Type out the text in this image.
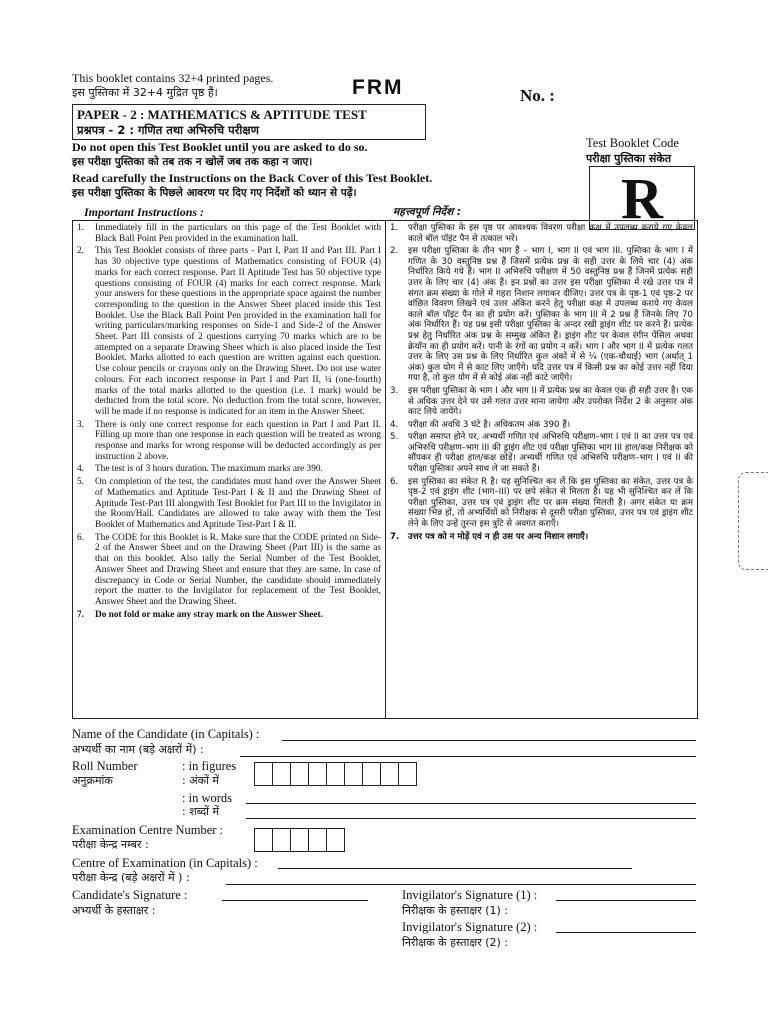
This booklet contains 32+4 printed pages.
इस पुस्तिका में 32+4 मुद्रित पृष्ठ हैं।	FRM	No. :
PAPER - 2 : MATHEMATICS & APTITUDE TEST
प्रश्नपत्र - 2 : गणित तथा अभिरुचि परीक्षण
Do not open this Test Booklet until you are asked to do so.
इस परीक्षा पुस्तिका को तब तक न खोलें जब तक कहा न जाए।
Read carefully the Instructions on the Back Cover of this Test Booklet.
इस परीक्षा पुस्तिका के पिछले आवरण पर दिए गए निर्देशों को ध्यान से पढ़ें।
Test Booklet Code
परीक्षा पुस्तिका संकेत
R
Important Instructions :	महत्त्वपूर्ण निर्देश :
1.	Immediately fill in the particulars on this page of the Test Booklet with Black Ball Point Pen provided in the examination hall.
2.	This Test Booklet consists of three parts - Part I, Part II and Part III. Part I has 30 objective type questions of Mathematics consisting of FOUR (4) marks for each correct response. Part II Aptitude Test has 50 objective type questions consisting of FOUR (4) marks for each correct response. Mark your answers for these questions in the appropriate space against the number corresponding to the question in the Answer Sheet placed inside this Test Booklet. Use the Black Ball Point Pen provided in the examination hall for writing particulars/marking responses on Side-1 and Side-2 of the Answer Sheet. Part III consists of 2 questions carrying 70 marks which are to be attempted on a separate Drawing Sheet which is also placed inside the Test Booklet. Marks allotted to each question are written against each question. Use colour pencils or crayons only on the Drawing Sheet. Do not use water colours. For each incorrect response in Part I and Part II, ¼ (one-fourth) marks of the total marks allotted to the question (i.e. 1 mark) would be deducted from the total score. No deduction from the total score, however, will be made if no response is indicated for an item in the Answer Sheet.
3.	There is only one correct response for each question in Part I and Part II. Filling up more than one response in each question will be treated as wrong response and marks for wrong response will be deducted accordingly as per instruction 2 above.
4.	The test is of 3 hours duration. The maximum marks are 390.
5.	On completion of the test, the candidates must hand over the Answer Sheet of Mathematics and Aptitude Test-Part I & II and the Drawing Sheet of Aptitude Test-Part III alongwith Test Booklet for Part III to the Invigilator in the Room/Hall. Candidates are allowed to take away with them the Test Booklet of Mathematics and Aptitude Test-Part I & II.
6.	The CODE for this Booklet is R. Make sure that the CODE printed on Side-2 of the Answer Sheet and on the Drawing Sheet (Part III) is the same as that on this booklet. Also tally the Serial Number of the Test Booklet, Answer Sheet and Drawing Sheet and ensure that they are same. In case of discrepancy in Code or Serial Number, the candidate should immediately report the matter to the Invigilator for replacement of the Test Booklet, Answer Sheet and the Drawing Sheet.
7.	Do not fold or make any stray mark on the Answer Sheet.
1.	परीक्षा पुस्तिका के इस पृष्ठ पर आवश्यक विवरण परीक्षा कक्ष में उपलब्ध कराये गए केवल काले बॉल पॉइंट पैन से तत्काल भरें।
2.	इस परीक्षा पुस्तिका के तीन भाग हैं – भाग I, भाग II एवं भाग III. पुस्तिका के भाग I में गणित के 30 वस्तुनिष्ठ प्रश्न हैं जिसमें प्रत्येक प्रश्न के सही उत्तर के लिये चार (4) अंक निर्धारित किये गये हैं। भाग II अभिरुचि परीक्षण में 50 वस्तुनिष्ठ प्रश्न हैं जिनमें प्रत्येक सही उत्तर के लिए चार (4) अंक हैं। इन प्रश्नों का उत्तर इस परीक्षा पुस्तिका में रखे उत्तर पत्र में संगत क्रम संख्या के गोले में गहरा निशान लगाकर दीजिए। उत्तर पत्र के पृष्ठ-1 एवं पृष्ठ-2 पर वांछित विवरण लिखने एवं उत्तर अंकित करने हेतु परीक्षा कक्ष में उपलब्ध कराये गए केवल काले बॉल पॉइंट पैन का ही प्रयोग करें। पुस्तिका के भाग III में 2 प्रश्न हैं जिनके लिए 70 अंक निर्धारित हैं। यह प्रश्न इसी परीक्षा पुस्तिका के अन्दर रखी ड्राइंग शीट पर करने हैं। प्रत्येक प्रश्न हेतु निर्धारित अंक प्रश्न के सम्मुख अंकित हैं। ड्राइंग शीट पर केवल रंगीन पेंसिल अथवा क्रेयॉन का ही प्रयोग करें। पानी के रंगों का प्रयोग न करें। भाग I और भाग II में प्रत्येक गलत उत्तर के लिए उस प्रश्न के लिए निर्धारित कुल अंकों में से ¼ (एक-चौथाई) भाग (अर्थात् 1 अंक) कुल योग में से काट लिए जाएँगे। यदि उत्तर पत्र में किसी प्रश्न का कोई उत्तर नहीं दिया गया है, तो कुल योग में से कोई अंक नहीं काटे जाएँगे।
3.	इस परीक्षा पुस्तिका के भाग I और भाग II में प्रत्येक प्रश्न का केवल एक ही सही उत्तर है। एक से अधिक उत्तर देने पर उसे गलत उत्तर माना जायेगा और उपरोक्त निर्देश 2 के अनुसार अंक काट लिये जायेंगे।
4.	परीक्षा की अवधि 3 घंटे है। अधिकतम अंक 390 हैं।
5.	परीक्षा समाप्त होने पर, अभ्यर्थी गणित एवं अभिरुचि परीक्षण–भाग I एवं II का उत्तर पत्र एवं अभिरुचि परीक्षण–भाग III की ड्राइंग शीट एवं परीक्षा पुस्तिका भाग III हाल/कक्ष निरीक्षक को सौंपकर ही परीक्षा हाल/कक्ष छोड़ें। अभ्यर्थी गणित एवं अभिरुचि परीक्षण–भाग I एवं II की परीक्षा पुस्तिका अपने साथ ले जा सकते हैं।
6.	इस पुस्तिका का संकेत R है। यह सुनिश्चित कर लें कि इस पुस्तिका का संकेत, उत्तर पत्र के पृष्ठ-2 एवं ड्राइंग शीट (भाग–III) पर छपे संकेत से मिलता है। यह भी सुनिश्चित कर लें कि परीक्षा पुस्तिका, उत्तर पत्र एवं ड्राइंग शीट पर क्रम संख्या मिलती है। अगर संकेत या क्रम संख्या भिन्न हों, तो अभ्यर्थियों को निरीक्षक से दूसरी परीक्षा पुस्तिका, उत्तर पत्र एवं ड्राइंग शीट लेने के लिए उन्हें तुरन्त इस त्रुटि से अवगत कराएँ।
7.	उत्तर पत्र को न मोड़ें एवं न ही उस पर अन्य निशान लगाएँ।
Name of the Candidate (in Capitals) :
अभ्यर्थी का नाम (बड़े अक्षरों में) :
Roll Number
अनुक्रमांक
: in figures
: अंकों में
: in words
: शब्दों में
Examination Centre Number :
परीक्षा केन्द्र नम्बर :
Centre of Examination (in Capitals) :
परीक्षा केन्द्र (बड़े अक्षरों में ) :
Candidate's Signature :
अभ्यर्थी के हस्ताक्षर :
Invigilator's Signature (1) :
निरीक्षक के हस्ताक्षर (1) :
Invigilator's Signature (2) :
निरीक्षक के हस्ताक्षर (2) :
